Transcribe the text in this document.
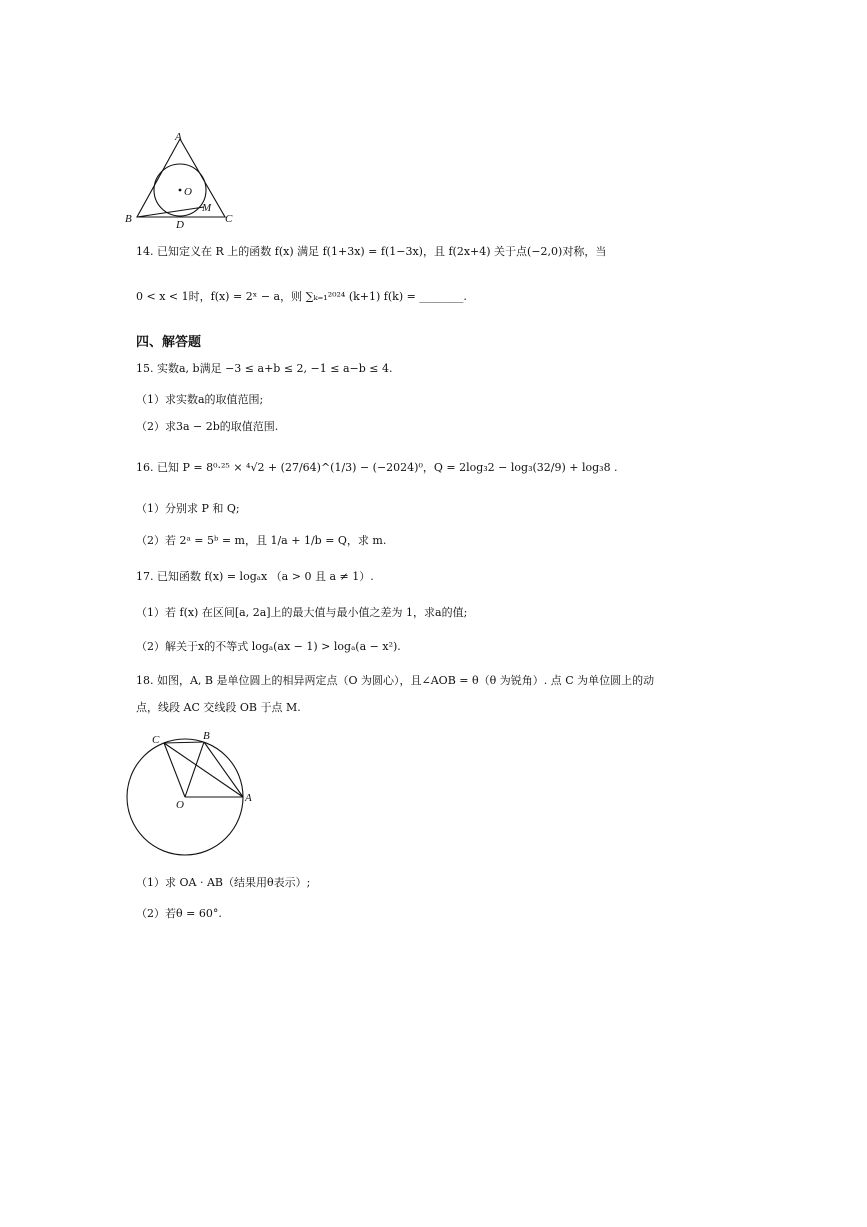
A
O
B	C
D
M
14. 已知定义在 R 上的函数 f(x) 满足 f(1+3x) = f(1−3x)，且 f(2x+4) 关于点(−2,0)对称，当
0 < x < 1时，f(x) = 2ˣ − a，则 ∑ₖ₌₁²⁰²⁴ (k+1) f(k) = ________.
四、解答题
15. 实数a, b满足 −3 ≤ a+b ≤ 2, −1 ≤ a−b ≤ 4.
（1）求实数a的取值范围;
（2）求3a − 2b的取值范围.
16. 已知 P = 8⁰·²⁵ × ⁴√2 + (27/64)^(1/3) − (−2024)⁰，Q = 2log₃2 − log₃(32/9) + log₃8 .
（1）分别求 P 和 Q;
（2）若 2ᵃ = 5ᵇ = m，且 1/a + 1/b = Q，求 m.
17. 已知函数 f(x) = logₐx （a > 0 且 a ≠ 1）.
（1）若 f(x) 在区间[a, 2a]上的最大值与最小值之差为 1，求a的值;
（2）解关于x的不等式 logₐ(ax − 1) > logₐ(a − x²).
18. 如图，A, B 是单位圆上的相异两定点（O 为圆心），且∠AOB = θ（θ 为锐角）. 点 C 为单位圆上的动
点，线段 AC 交线段 OB 于点 M.
C	B
O
A
（1）求 OA · AB（结果用θ表示）;
（2）若θ = 60°.
